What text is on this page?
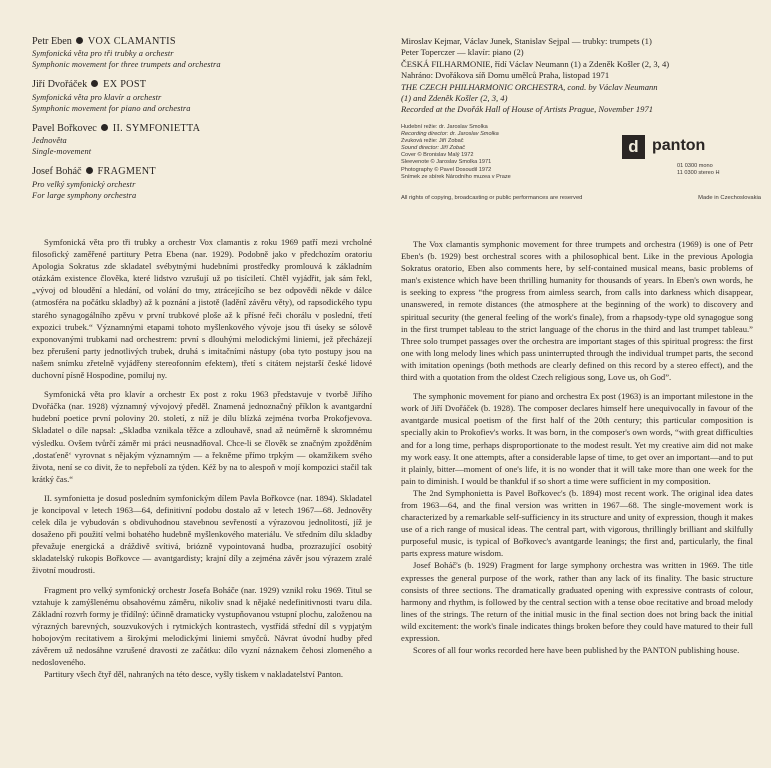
Petr Eben VOX CLAMANTIS
Symfonická věta pro tři trubky a orchestr
Symphonic movement for three trumpets and orchestra
Jiří Dvořáček EX POST
Symfonická věta pro klavír a orchestr
Symphonic movement for piano and orchestra
Pavel Bořkovec II. SYMFONIETTA
Jednověta
Single-movement
Josef Boháč FRAGMENT
Pro velký symfonický orchestr
For large symphony orchestra
Miroslav Kejmar, Václav Junek, Stanislav Sejpal — trubky: trumpets (1)
Peter Toperczer — klavír: piano (2)
ČESKÁ FILHARMONIE, řídí Václav Neumann (1) a Zdeněk Košler (2, 3, 4)
Nahráno: Dvořákova síň Domu umělců Praha, listopad 1971
THE CZECH PHILHARMONIC ORCHESTRA, cond. by Václav Neumann
(1) and Zdeněk Košler (2, 3, 4)
Recorded at the Dvořák Hall of House of Artists Prague, November 1971
Hudební režie: dr. Jaroslav Smolka
Recording director: dr. Jaroslav Smolka
Zvuková režie: Jiří Zobač
Sound director: Jiří Zobač
Cover © Bronislav Malý 1972
Sleevenote © Jaroslav Smolka 1971
Photography © Pavel Dosoudil 1972
Snímek ze sbírek Národního muzea v Praze
d panton
01 0300 mono
11 0300 stereo H
All rights of copying, broadcasting or public performances are reserved	Made in Czechoslovakia

Symfonická věta pro tři trubky a orchestr Vox clamantis z roku 1969 patří mezi vrcholné filosofický zaměřené partitury Petra Ebena (nar. 1929). Podobně jako v předchozím oratoriu Apologia Sokratus zde skladatel svébytnými hudebními prostředky promlouvá k základním otázkám existence člověka, které lidstvo vzrušují už po tisíciletí. Chtěl vyjádřit, jak sám řekl, „vývoj od bloudění a hledání, od volání do tmy, ztrácejícího se bez odpovědi někde v dálce (atmosféra na počátku skladby) až k poznání a jistotě (laděnî závěru věty), od rapsodického typu starého synagogálního zpěvu v první trubkové ploše až k přísné řeči chorálu v poslední, třetí expozici trubek.“ Významnými etapami tohoto myšlenkového vývoje jsou tři úseky se sólově exponovanými trubkami nad orchestrem: první s dlouhými melodickými liniemi, jež přecházejí bez přerušení party jednotlivých trubek, druhá s imitačními nástupy (oba tyto postupy jsou na našem snímku zřetelně vyjádřeny stereofonním efektem), třetí s citátem nejstarší české lidové duchovní písně Hospodine, pomiluj ny.

Symfonická věta pro klavír a orchestr Ex post z roku 1963 představuje v tvorbě Jiřího Dvořáčka (nar. 1928) významný vývojový předěl. Znamená jednoznačný příklon k avantgardní hudební poetice první poloviny 20. století, z níž je dílu blízká zejména tvorba Prokofjevova. Skladatel o díle napsal: „Skladba vznikala těžce a zdlouhavě, snad až neúměrně k skromnému výsledku. Ovšem tvůrčí záměr mi práci neusnadňoval. Chce-li se člověk se značným zpožděním ‚dostaťeně‘ vyrovnat s nějakým významným — a řekněme přímo trpkým — okamžikem svého života, není se co divit, že to nepřebolí za týden. Kéž by na to alespoň v mojí kompozici stačil tak krátký čas.“

II. symfonietta je dosud posledním symfonickým dílem Pavla Bořkovce (nar. 1894). Skladatel je koncipoval v letech 1963—64, definitivní podobu dostalo až v letech 1967—68. Jednověty celek díla je vybudován s obdivuhodnou stavebnou sevřeností a výrazovou jednolitostí, jíž je dosaženo při použití velmi bohatého hudebně myšlenkového materiálu. Ve středním dílu skladby převažuje energická a dráždivě svítivá, briózně vypointovaná hudba, prozrazující osobitý skladatelský rukopis Bořkovce — avantgardisty; krajní díly a zejména závěr jsou výrazem zralé životní moudrosti.

Fragment pro velký symfonický orchestr Josefa Boháče (nar. 1929) vznikl roku 1969. Titul se vztahuje k zamýšlenému obsahovému záměru, nikoliv snad k nějaké nedefinitivnosti tvaru díla. Základní rozvrh formy je třídílný: účinně dramaticky vystupňovanou vstupní plochu, založenou na výrazných barevných, souzvukových i rytmických kontrastech, vystřídá střední díl s vypjatým hobojovým recitativem a širokými melodickými liniemi smyčců. Návrat úvodní hudby před závěrem už nedosáhne vzrušené dravosti ze začátku: dílo vyzní náznakem čehosi zlomeného a nedosloveného.

Partitury všech čtyř děl, nahraných na této desce, vyšly tiskem v nakladatelství Panton.

The Vox clamantis symphonic movement for three trumpets and orchestra (1969) is one of Petr Eben's (b. 1929) best orchestral scores with a philosophical bent. Like in the previous Apologia Sokratus oratorio, Eben also comments here, by self-contained musical means, basic problems of man's existence which have been thrilling humanity for thousands of years. In Eben's own words, he is seeking to express “the progress from aimless search, from calls into darkness which disappear, unanswered, in remote distances (the atmosphere at the beginning of the work) to discovery and spiritual security (the general feeling of the work's finale), from a rhapsody-type old synagogue song in the first trumpet tableau to the strict language of the chorus in the third and last trumpet tableau.” Three solo trumpet passages over the orchestra are important stages of this spiritual progress: the first one with long melody lines which pass uninterrupted through the individual trumpet parts, the second with imitation openings (both methods are clearly defined on this record by a stereo effect), and the third with a quotation from the oldest Czech religious song, Love us, oh God”.

The symphonic movement for piano and orchestra Ex post (1963) is an important milestone in the work of Jiří Dvořáček (b. 1928). The composer declares himself here unequivocally in favour of the avantgarde musical poetism of the first half of the 20th century; this particular composition is specially akin to Prokofiev's works. It was born, in the composer's own words, “with great difficulties and for a long time, perhaps disproportionate to the modest result. Yet my creative aim did not make my work easy. It one attempts, after a considerable lapse of time, to get over an important—and to put it plainly, bitter—moment of one's life, it is no wonder that it will take more than one week for the pain to diminish. I would be thankful if so short a time were sufficient in my composition.

The 2nd Symphonietta is Pavel Bořkovec's (b. 1894) most recent work. The original idea dates from 1963—64, and the final version was written in 1967—68. The single-movement work is characterized by a remarkable self-sufficiency in its structure and unity of expression, though it makes use of a rich range of musical ideas. The central part, with vigorous, thrillingly brilliant and skilfully purposeful music, is typical of Bořkovec's avantgarde leanings; the first and, particularly, the final parts express mature wisdom.

Josef Boháč's (b. 1929) Fragment for large symphony orchestra was written in 1969. The title expresses the general purpose of the work, rather than any lack of its finality. The basic structure consists of three sections. The dramatically graduated opening with expressive contrasts of colour, harmony and rhythm, is followed by the central section with a tense oboe recitative and broad melody lines of the strings. The return of the initial music in the final section does not bring back the initial wild excitement: the work's finale indicates things broken before they could have matured to their full expression.

Scores of all four works recorded here have been published by the PANTON publishing house.
